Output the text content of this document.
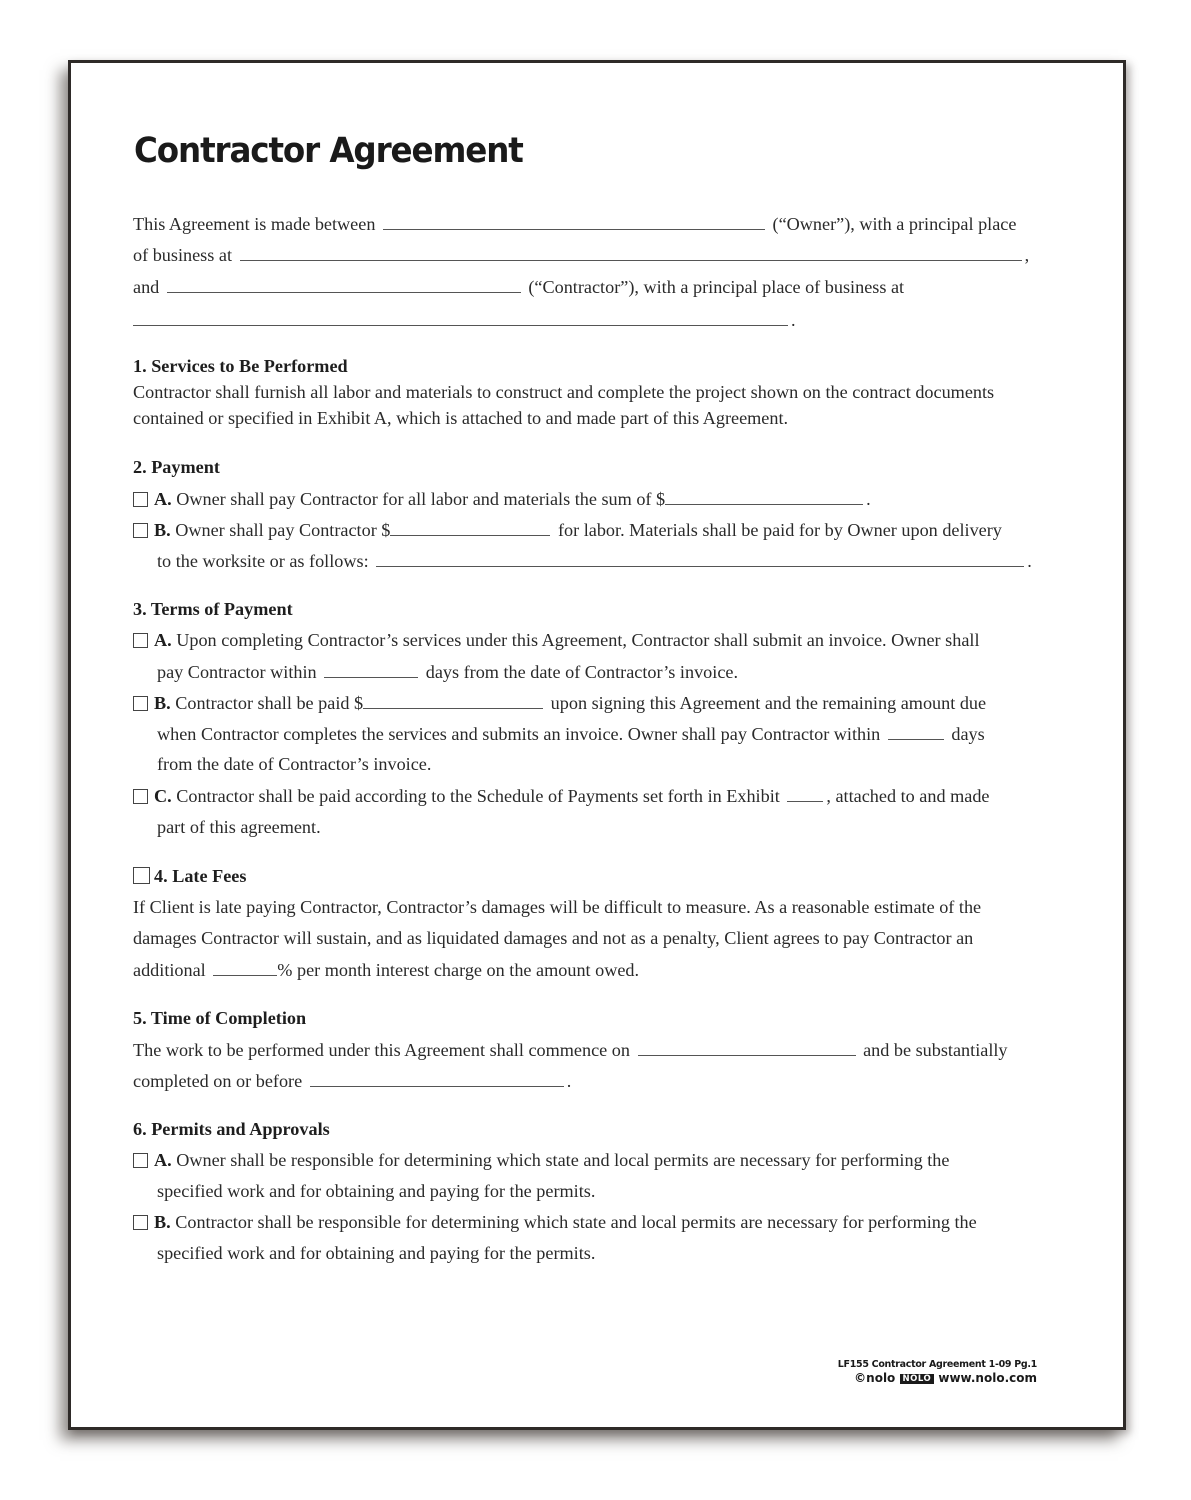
Contractor Agreement
This Agreement is made between	(“Owner”), with a principal place
of business at	,
and	(“Contractor”), with a principal place of business at
.
1. Services to Be Performed
Contractor shall furnish all labor and materials to construct and complete the project shown on the contract documents
contained or specified in Exhibit A, which is attached to and made part of this Agreement.
2. Payment
A. Owner shall pay Contractor for all labor and materials the sum of $	.
B. Owner shall pay Contractor $	for labor. Materials shall be paid for by Owner upon delivery
to the worksite or as follows:	.
3. Terms of Payment
A. Upon completing Contractor’s services under this Agreement, Contractor shall submit an invoice. Owner shall
pay Contractor within	days from the date of Contractor’s invoice.
B. Contractor shall be paid $	upon signing this Agreement and the remaining amount due
when Contractor completes the services and submits an invoice. Owner shall pay Contractor within	days
from the date of Contractor’s invoice.
C. Contractor shall be paid according to the Schedule of Payments set forth in Exhibit	, attached to and made
part of this agreement.
4. Late Fees
If Client is late paying Contractor, Contractor’s damages will be difficult to measure. As a reasonable estimate of the
damages Contractor will sustain, and as liquidated damages and not as a penalty, Client agrees to pay Contractor an
additional	% per month interest charge on the amount owed.
5. Time of Completion
The work to be performed under this Agreement shall commence on	and be substantially
completed on or before	.
6. Permits and Approvals
A. Owner shall be responsible for determining which state and local permits are necessary for performing the
specified work and for obtaining and paying for the permits.
B. Contractor shall be responsible for determining which state and local permits are necessary for performing the
specified work and for obtaining and paying for the permits.
LF155 Contractor Agreement 1-09 Pg.1
©nolo NOLO www.nolo.com
